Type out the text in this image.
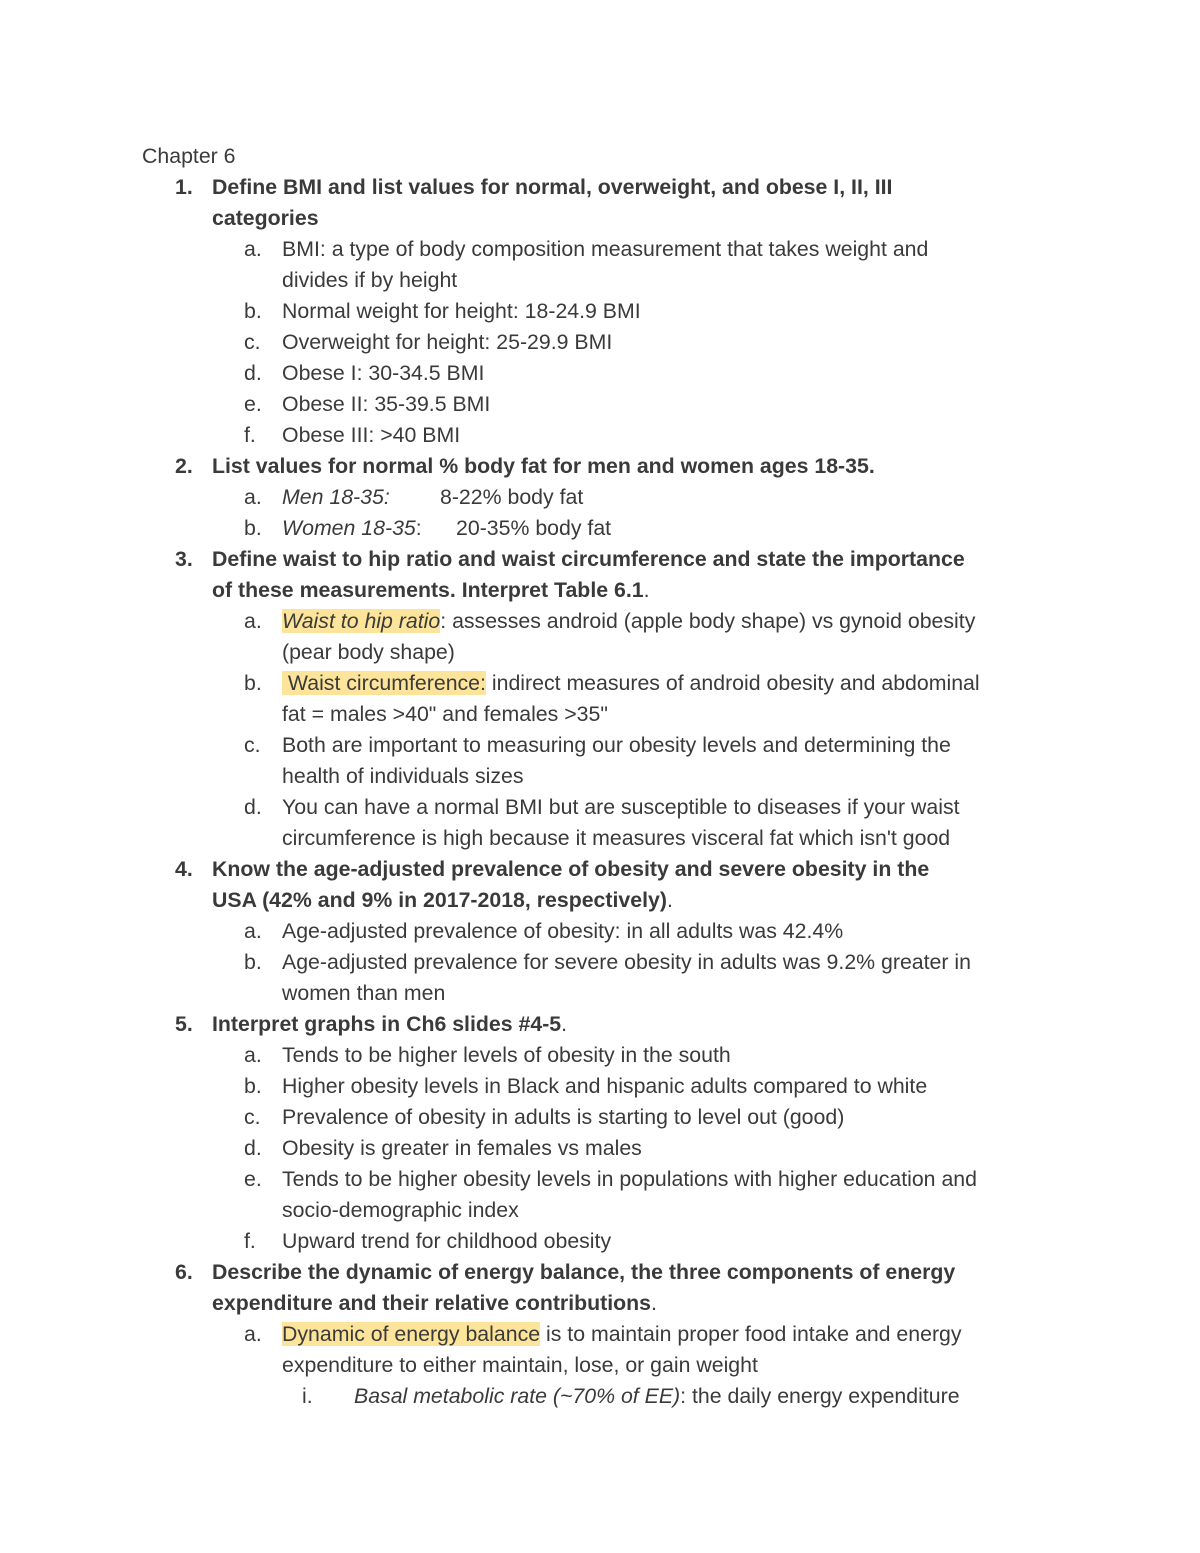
Chapter 6
1. Define BMI and list values for normal, overweight, and obese I, II, III
categories
a. BMI: a type of body composition measurement that takes weight and
divides if by height
b. Normal weight for height: 18-24.9 BMI
c.	Overweight for height: 25-29.9 BMI
d. Obese I: 30-34.5 BMI
e. Obese II: 35-39.5 BMI
f.	Obese III: >40 BMI
2. List values for normal % body fat for men and women ages 18-35.
a. Men 18-35: 8-22% body fat
b. Women 18-35: 20-35% body fat
3. Define waist to hip ratio and waist circumference and state the importance
of these measurements. Interpret Table 6.1.
a. Waist to hip ratio: assesses android (apple body shape) vs gynoid obesity
(pear body shape)
b. Waist circumference: indirect measures of android obesity and abdominal
fat = males >40" and females >35"
c.	Both are important to measuring our obesity levels and determining the
health of individuals sizes
d. You can have a normal BMI but are susceptible to diseases if your waist
circumference is high because it measures visceral fat which isn't good
4. Know the age-adjusted prevalence of obesity and severe obesity in the
USA (42% and 9% in 2017-2018, respectively).
a. Age-adjusted prevalence of obesity: in all adults was 42.4%
b. Age-adjusted prevalence for severe obesity in adults was 9.2% greater in
women than men
5. Interpret graphs in Ch6 slides #4-5.
a. Tends to be higher levels of obesity in the south
b. Higher obesity levels in Black and hispanic adults compared to white
c.	Prevalence of obesity in adults is starting to level out (good)
d. Obesity is greater in females vs males
e. Tends to be higher obesity levels in populations with higher education and
socio-demographic index
f.	Upward trend for childhood obesity
6. Describe the dynamic of energy balance, the three components of energy
expenditure and their relative contributions.
a. Dynamic of energy balance is to maintain proper food intake and energy
expenditure to either maintain, lose, or gain weight
i.	Basal metabolic rate (~70% of EE): the daily energy expenditure
